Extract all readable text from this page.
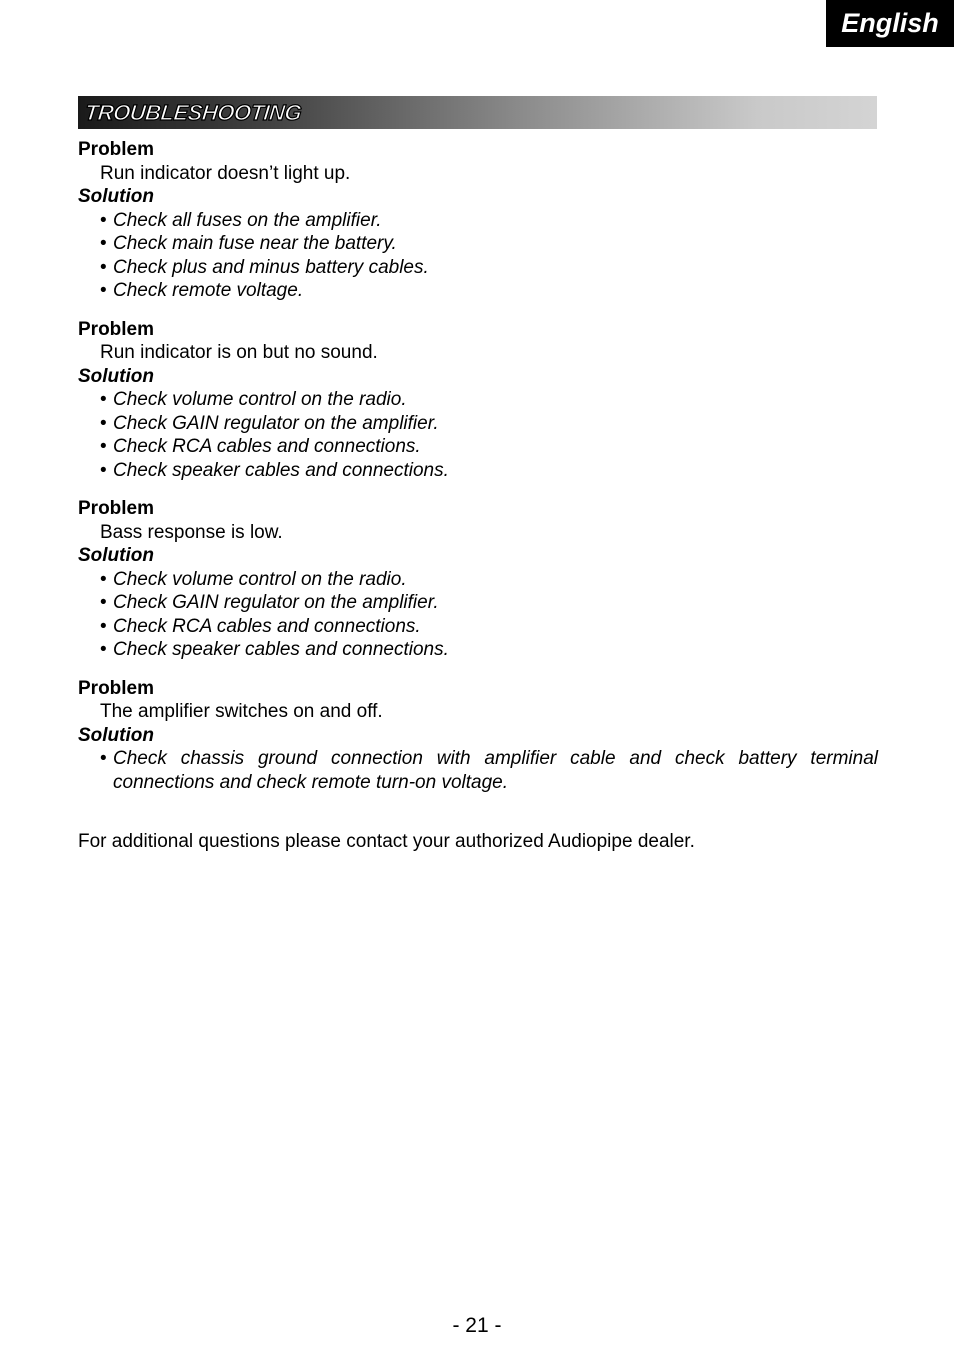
English
TROUBLESHOOTING
Problem
Run indicator doesn’t light up.
Solution
• Check all fuses on the amplifier.
• Check main fuse near the battery.
• Check plus and minus battery cables.
• Check remote voltage.
Problem
Run indicator is on but no sound.
Solution
• Check volume control on the radio.
• Check GAIN regulator on the amplifier.
• Check RCA cables and connections.
• Check speaker cables and connections.
Problem
Bass response is low.
Solution
• Check volume control on the radio.
• Check GAIN regulator on the amplifier.
• Check RCA cables and connections.
• Check speaker cables and connections.
Problem
The amplifier switches on and off.
Solution
• Check chassis ground connection with amplifier cable and check battery terminal connections and check remote turn-on voltage.
For additional questions please contact your authorized Audiopipe dealer.
- 21 -
